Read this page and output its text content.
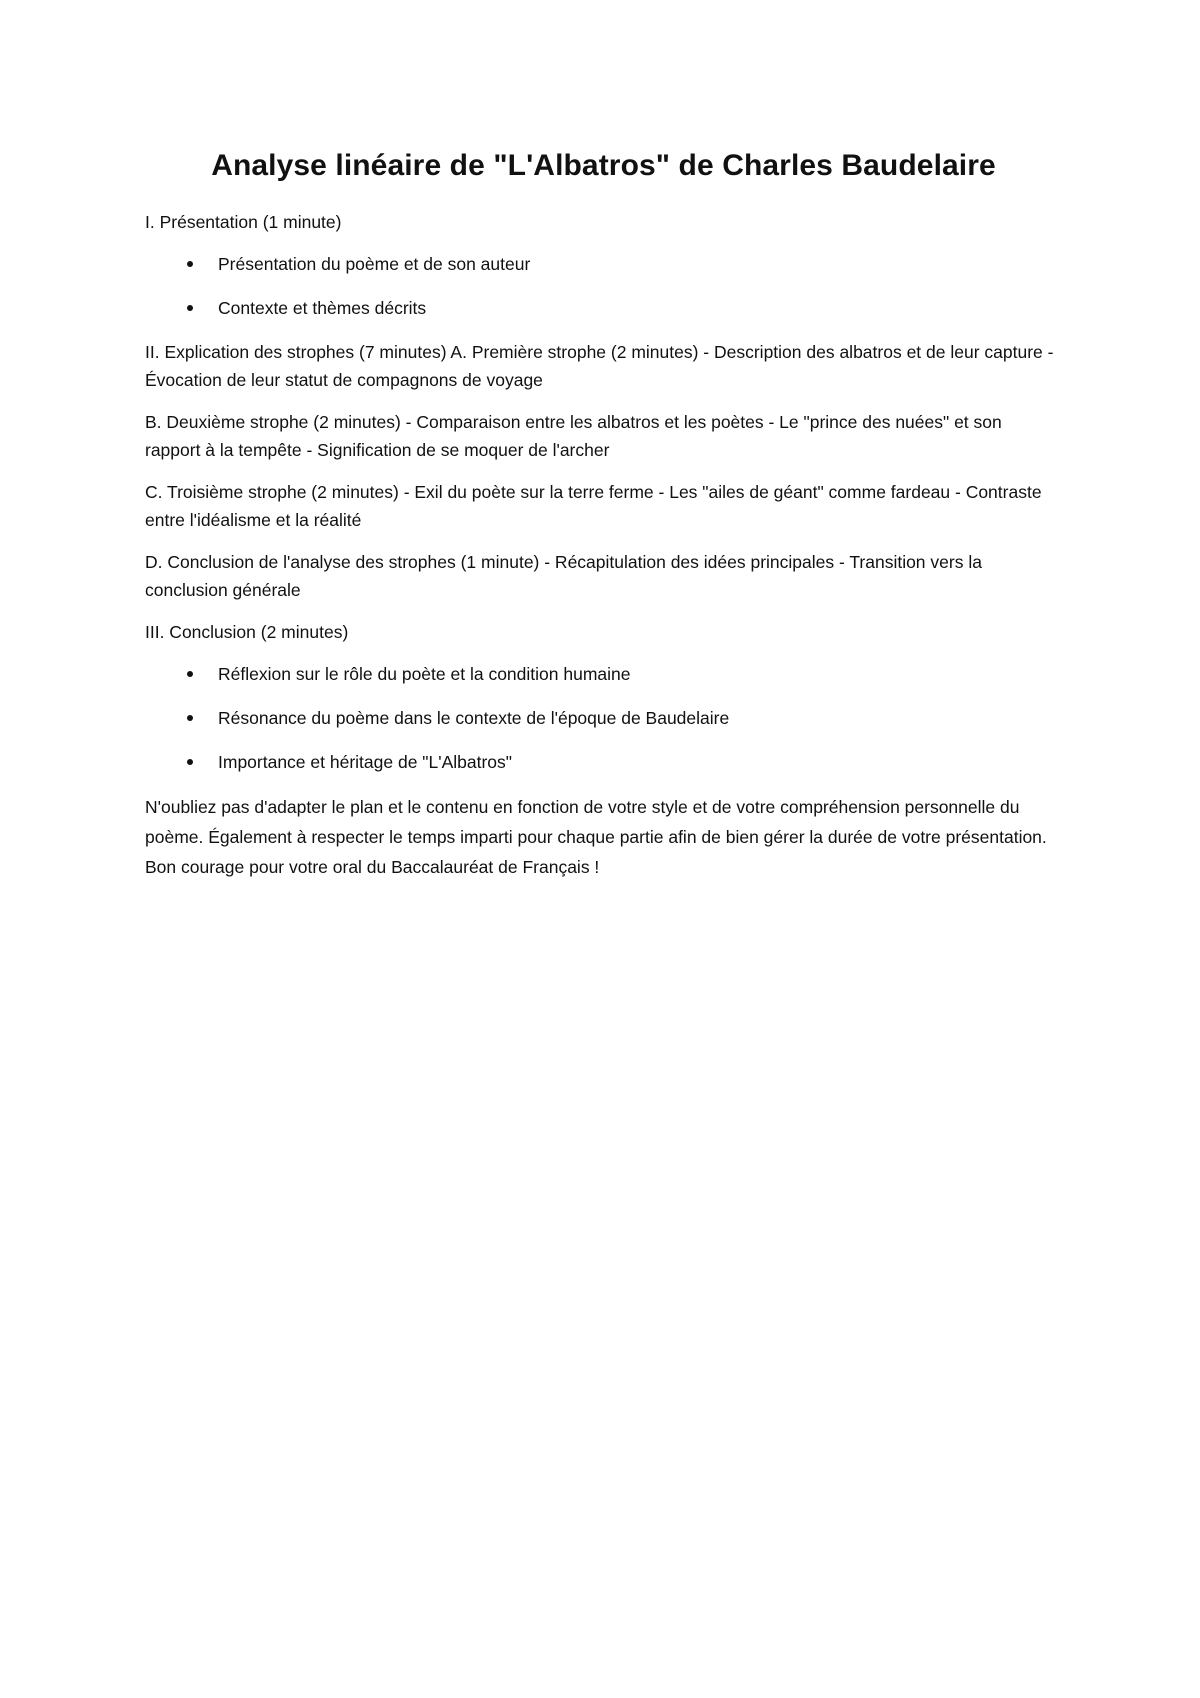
Analyse linéaire de "L'Albatros" de Charles Baudelaire

I. Présentation (1 minute)

Présentation du poème et de son auteur
Contexte et thèmes décrits

II. Explication des strophes (7 minutes) A. Première strophe (2 minutes) - Description des albatros et de leur capture - Évocation de leur statut de compagnons de voyage

B. Deuxième strophe (2 minutes) - Comparaison entre les albatros et les poètes - Le "prince des nuées" et son rapport à la tempête - Signification de se moquer de l'archer

C. Troisième strophe (2 minutes) - Exil du poète sur la terre ferme - Les "ailes de géant" comme fardeau - Contraste entre l'idéalisme et la réalité

D. Conclusion de l'analyse des strophes (1 minute) - Récapitulation des idées principales - Transition vers la conclusion générale

III. Conclusion (2 minutes)

Réflexion sur le rôle du poète et la condition humaine
Résonance du poème dans le contexte de l'époque de Baudelaire
Importance et héritage de "L'Albatros"

N'oubliez pas d'adapter le plan et le contenu en fonction de votre style et de votre compréhension personnelle du poème. Également à respecter le temps imparti pour chaque partie afin de bien gérer la durée de votre présentation. Bon courage pour votre oral du Baccalauréat de Français !
